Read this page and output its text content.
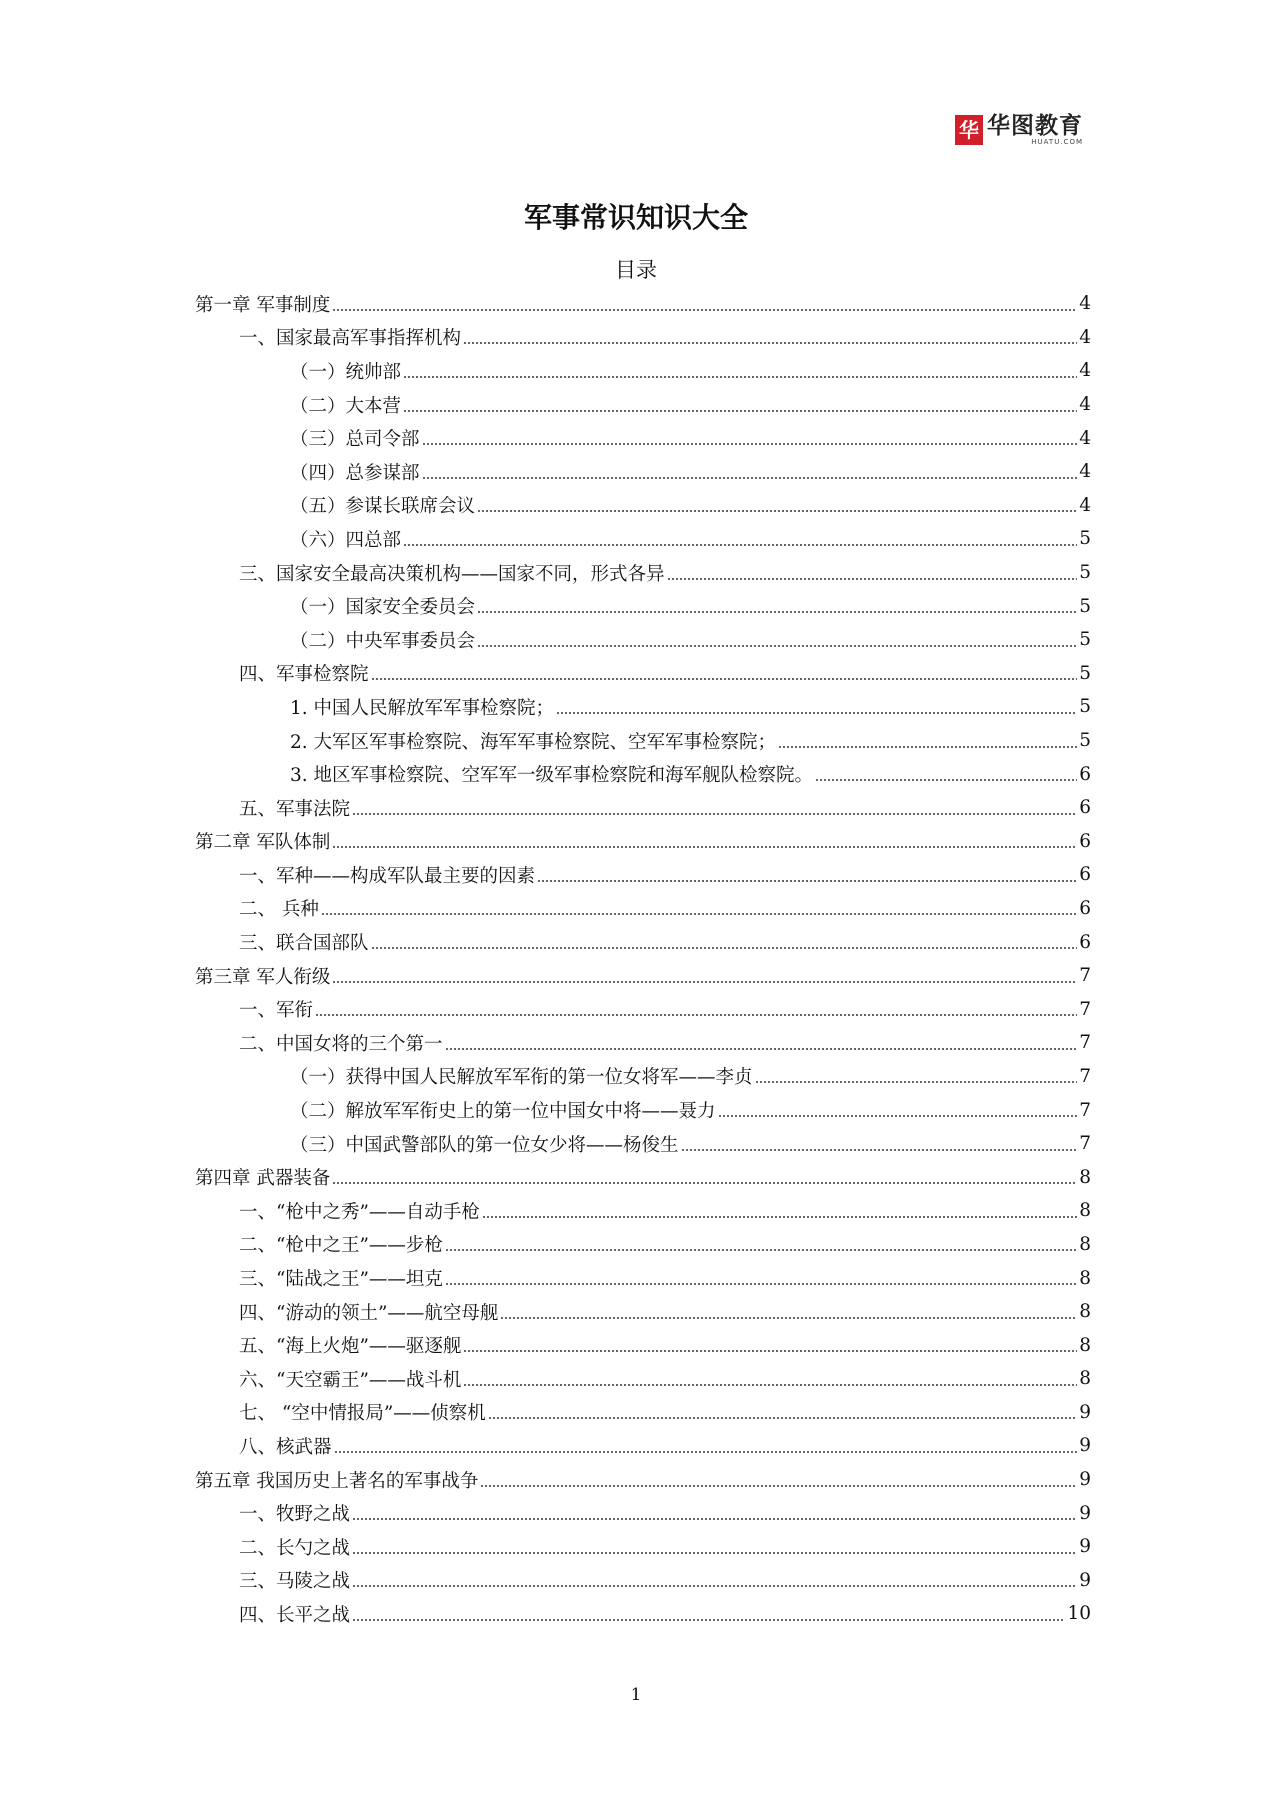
华 华图教育
HUATU.COM
军事常识知识大全
目录
第一章 军事制度	4
一、国家最高军事指挥机构	4
（一）统帅部	4
（二）大本营	4
（三）总司令部	4
（四）总参谋部	4
（五）参谋长联席会议	4
（六）四总部	5
三、国家安全最高决策机构——国家不同，形式各异	5
（一）国家安全委员会	5
（二）中央军事委员会	5
四、军事检察院	5
1. 中国人民解放军军事检察院；	5
2. 大军区军事检察院、海军军事检察院、空军军事检察院；	5
3. 地区军事检察院、空军军一级军事检察院和海军舰队检察院。	6
五、军事法院	6
第二章 军队体制	6
一、军种——构成军队最主要的因素	6
二、 兵种	6
三、联合国部队	6
第三章 军人衔级	7
一、军衔	7
二、中国女将的三个第一	7
（一）获得中国人民解放军军衔的第一位女将军——李贞	7
（二）解放军军衔史上的第一位中国女中将——聂力	7
（三）中国武警部队的第一位女少将——杨俊生	7
第四章 武器装备	8
一、“枪中之秀”——自动手枪	8
二、“枪中之王”——步枪	8
三、“陆战之王”——坦克	8
四、“游动的领土”——航空母舰	8
五、“海上火炮”——驱逐舰	8
六、“天空霸王”——战斗机	8
七、 “空中情报局”——侦察机	9
八、核武器	9
第五章 我国历史上著名的军事战争	9
一、牧野之战	9
二、长勺之战	9
三、马陵之战	9
四、长平之战	10
1
